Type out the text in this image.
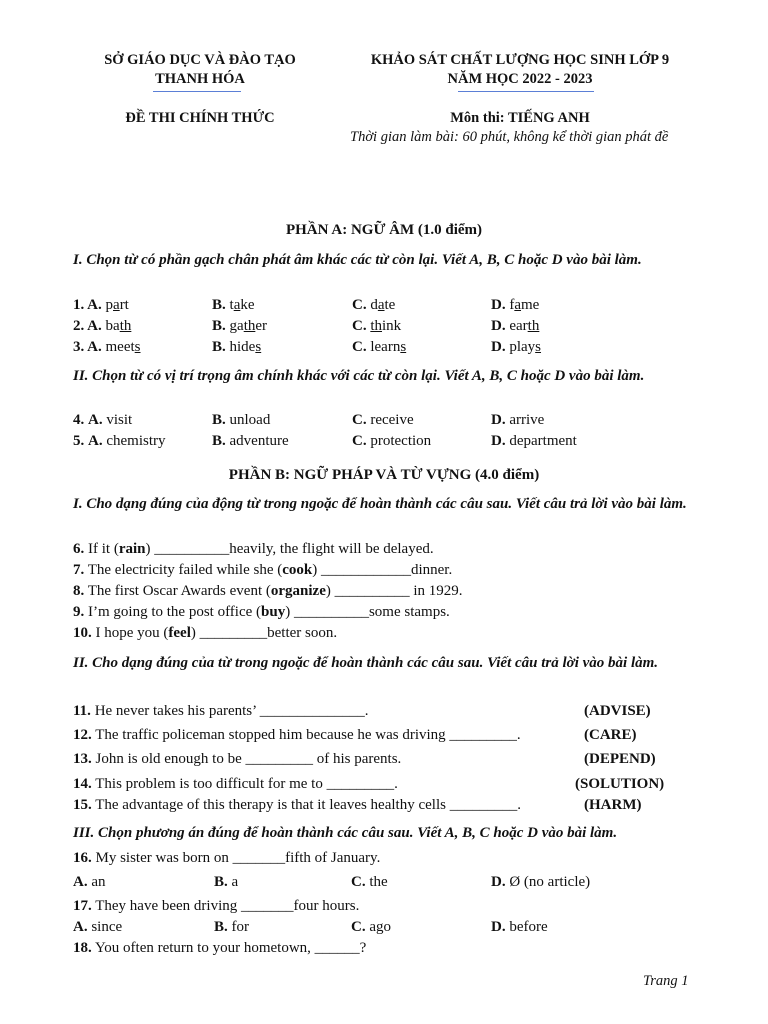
SỞ GIÁO DỤC VÀ ĐÀO TẠO
THANH HÓA
ĐỀ THI CHÍNH THỨC
KHẢO SÁT CHẤT LƯỢNG HỌC SINH LỚP 9
NĂM HỌC 2022 - 2023
Môn thi: TIẾNG ANH
Thời gian làm bài: 60 phút, không kể thời gian phát đề
PHẦN A: NGỮ ÂM (1.0 điểm)
I. Chọn từ có phần gạch chân phát âm khác các từ còn lại. Viết A, B, C hoặc D vào bài làm.
1. A. part	B. take	C. date	D. fame
2. A. bath	B. gather	C. think	D. earth
3. A. meets	B. hides	C. learns	D. plays
II. Chọn từ có vị trí trọng âm chính khác với các từ còn lại. Viết A, B, C hoặc D vào bài làm.
4. A. visit	B. unload	C. receive	D. arrive
5. A. chemistry	B. adventure	C. protection	D. department
PHẦN B: NGỮ PHÁP VÀ TỪ VỰNG (4.0 điểm)
I. Cho dạng đúng của động từ trong ngoặc để hoàn thành các câu sau. Viết câu trả lời vào bài làm.
6. If it (rain) __________heavily, the flight will be delayed.
7. The electricity failed while she (cook) ____________dinner.
8. The first Oscar Awards event (organize) __________ in 1929.
9. I’m going to the post office (buy) __________some stamps.
10. I hope you (feel) _________better soon.
II. Cho dạng đúng của từ trong ngoặc để hoàn thành các câu sau. Viết câu trả lời vào bài làm.
11. He never takes his parents’ ______________.	(ADVISE)
12. The traffic policeman stopped him because he was driving _________.	(CARE)
13. John is old enough to be _________ of his parents.	(DEPEND)
14. This problem is too difficult for me to _________.	(SOLUTION)
15. The advantage of this therapy is that it leaves healthy cells _________.	(HARM)
III. Chọn phương án đúng để hoàn thành các câu sau. Viết A, B, C hoặc D vào bài làm.
16. My sister was born on _______fifth of January.
A. an	B. a	C. the	D. Ø (no article)
17. They have been driving _______four hours.
A. since	B. for	C. ago	D. before
18. You often return to your hometown, ______?
Trang 1
